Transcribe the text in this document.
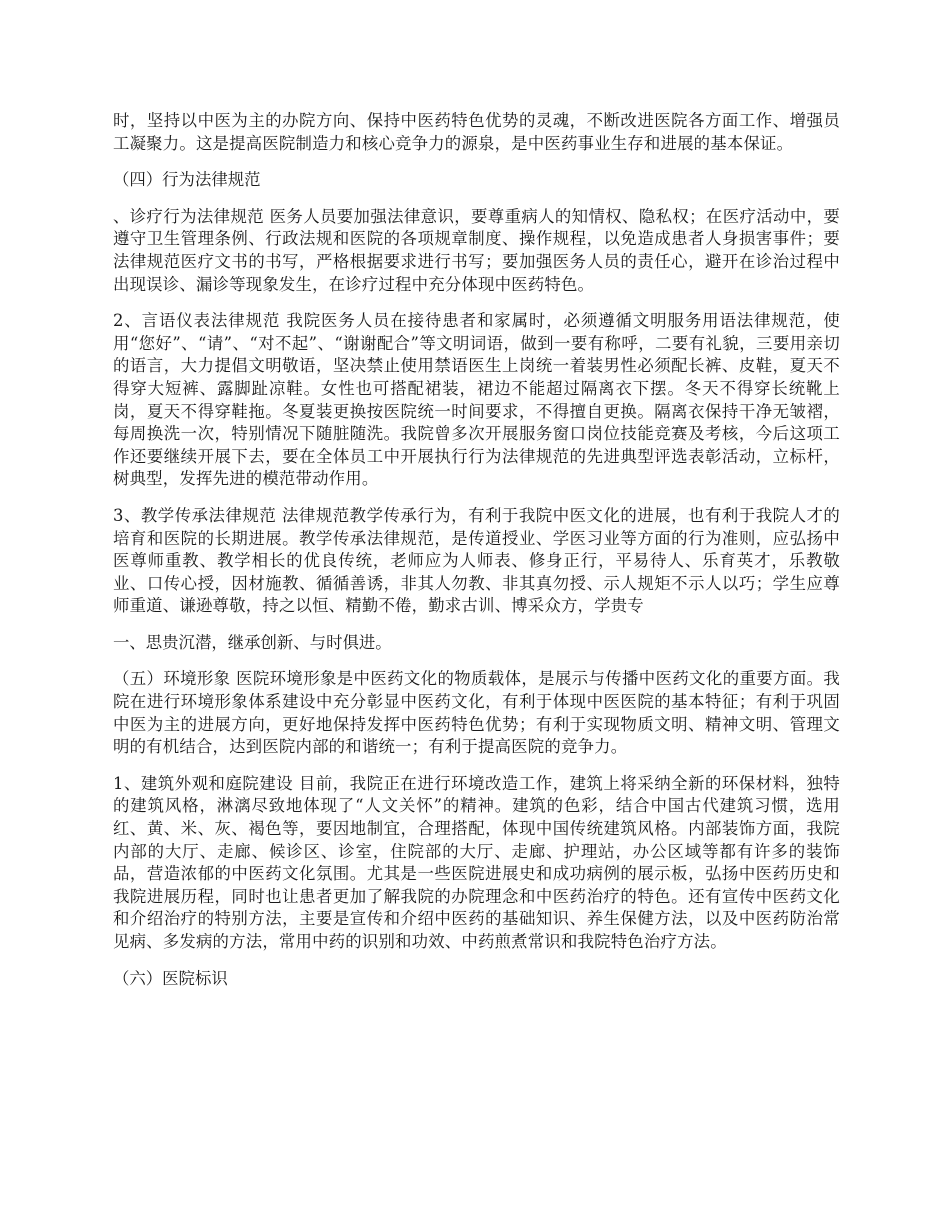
时，坚持以中医为主的办院方向、保持中医药特色优势的灵魂，不断改进医院各方面工作、增强员工凝聚力。这是提高医院制造力和核心竞争力的源泉，是中医药事业生存和进展的基本保证。

（四）行为法律规范

、诊疗行为法律规范 医务人员要加强法律意识，要尊重病人的知情权、隐私权；在医疗活动中，要遵守卫生管理条例、行政法规和医院的各项规章制度、操作规程，以免造成患者人身损害事件；要法律规范医疗文书的书写，严格根据要求进行书写；要加强医务人员的责任心，避开在诊治过程中出现误诊、漏诊等现象发生，在诊疗过程中充分体现中医药特色。

2、言语仪表法律规范 我院医务人员在接待患者和家属时，必须遵循文明服务用语法律规范，使用“您好”、“请”、“对不起”、“谢谢配合”等文明词语，做到一要有称呼，二要有礼貌，三要用亲切的语言，大力提倡文明敬语，坚决禁止使用禁语医生上岗统一着装男性必须配长裤、皮鞋，夏天不得穿大短裤、露脚趾凉鞋。女性也可搭配裙装，裙边不能超过隔离衣下摆。冬天不得穿长统靴上岗，夏天不得穿鞋拖。冬夏装更换按医院统一时间要求，不得擅自更换。隔离衣保持干净无皱褶，每周换洗一次，特别情况下随脏随洗。我院曾多次开展服务窗口岗位技能竞赛及考核，今后这项工作还要继续开展下去，要在全体员工中开展执行行为法律规范的先进典型评选表彰活动，立标杆，树典型，发挥先进的模范带动作用。

3、教学传承法律规范 法律规范教学传承行为，有利于我院中医文化的进展，也有利于我院人才的培育和医院的长期进展。教学传承法律规范，是传道授业、学医习业等方面的行为准则，应弘扬中医尊师重教、教学相长的优良传统，老师应为人师表、修身正行，平易待人、乐育英才，乐教敬业、口传心授，因材施教、循循善诱，非其人勿教、非其真勿授、示人规矩不示人以巧；学生应尊师重道、谦逊尊敬，持之以恒、精勤不倦，勤求古训、博采众方，学贵专

一、思贵沉潜，继承创新、与时俱进。

（五）环境形象 医院环境形象是中医药文化的物质载体，是展示与传播中医药文化的重要方面。我院在进行环境形象体系建设中充分彰显中医药文化，有利于体现中医医院的基本特征；有利于巩固中医为主的进展方向，更好地保持发挥中医药特色优势；有利于实现物质文明、精神文明、管理文明的有机结合，达到医院内部的和谐统一；有利于提高医院的竞争力。

1、建筑外观和庭院建设 目前，我院正在进行环境改造工作，建筑上将采纳全新的环保材料，独特的建筑风格，淋漓尽致地体现了“人文关怀”的精神。建筑的色彩，结合中国古代建筑习惯，选用红、黄、米、灰、褐色等，要因地制宜，合理搭配，体现中国传统建筑风格。内部装饰方面，我院内部的大厅、走廊、候诊区、诊室，住院部的大厅、走廊、护理站，办公区域等都有许多的装饰品，营造浓郁的中医药文化氛围。尤其是一些医院进展史和成功病例的展示板，弘扬中医药历史和我院进展历程，同时也让患者更加了解我院的办院理念和中医药治疗的特色。还有宣传中医药文化和介绍治疗的特别方法，主要是宣传和介绍中医药的基础知识、养生保健方法，以及中医药防治常见病、多发病的方法，常用中药的识别和功效、中药煎煮常识和我院特色治疗方法。

（六）医院标识
